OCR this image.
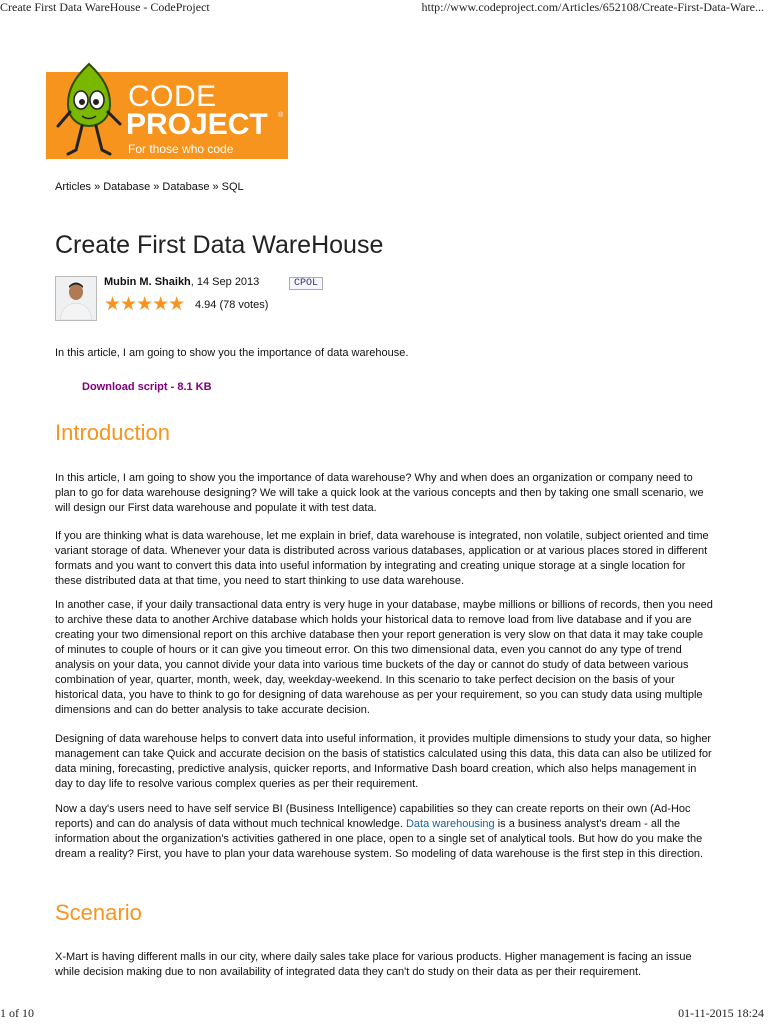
Create First Data WareHouse - CodeProject	http://www.codeproject.com/Articles/652108/Create-First-Data-Ware...
CODE
PROJECT ®
For those who code
Articles » Database » Database » SQL
Create First Data WareHouse
Mubin M. Shaikh, 14 Sep 2013	CPOL
★★★★★ 4.94 (78 votes)

In this article, I am going to show you the importance of data warehouse.

Download script - 8.1 KB
Introduction

In this article, I am going to show you the importance of data warehouse? Why and when does an organization or company need to plan to go for data warehouse designing? We will take a quick look at the various concepts and then by taking one small scenario, we will design our First data warehouse and populate it with test data.

If you are thinking what is data warehouse, let me explain in brief, data warehouse is integrated, non volatile, subject oriented and time variant storage of data. Whenever your data is distributed across various databases, application or at various places stored in different formats and you want to convert this data into useful information by integrating and creating unique storage at a single location for these distributed data at that time, you need to start thinking to use data warehouse.

In another case, if your daily transactional data entry is very huge in your database, maybe millions or billions of records, then you need to archive these data to another Archive database which holds your historical data to remove load from live database and if you are creating your two dimensional report on this archive database then your report generation is very slow on that data it may take couple of minutes to couple of hours or it can give you timeout error. On this two dimensional data, even you cannot do any type of trend analysis on your data, you cannot divide your data into various time buckets of the day or cannot do study of data between various combination of year, quarter, month, week, day, weekday-weekend. In this scenario to take perfect decision on the basis of your historical data, you have to think to go for designing of data warehouse as per your requirement, so you can study data using multiple dimensions and can do better analysis to take accurate decision.

Designing of data warehouse helps to convert data into useful information, it provides multiple dimensions to study your data, so higher management can take Quick and accurate decision on the basis of statistics calculated using this data, this data can also be utilized for data mining, forecasting, predictive analysis, quicker reports, and Informative Dash board creation, which also helps management in day to day life to resolve various complex queries as per their requirement.

Now a day's users need to have self service BI (Business Intelligence) capabilities so they can create reports on their own (Ad-Hoc reports) and can do analysis of data without much technical knowledge. Data warehousing is a business analyst's dream - all the information about the organization's activities gathered in one place, open to a single set of analytical tools. But how do you make the dream a reality? First, you have to plan your data warehouse system. So modeling of data warehouse is the first step in this direction.

Scenario

X-Mart is having different malls in our city, where daily sales take place for various products. Higher management is facing an issue while decision making due to non availability of integrated data they can't do study on their data as per their requirement.

1 of 10	01-11-2015 18:24
